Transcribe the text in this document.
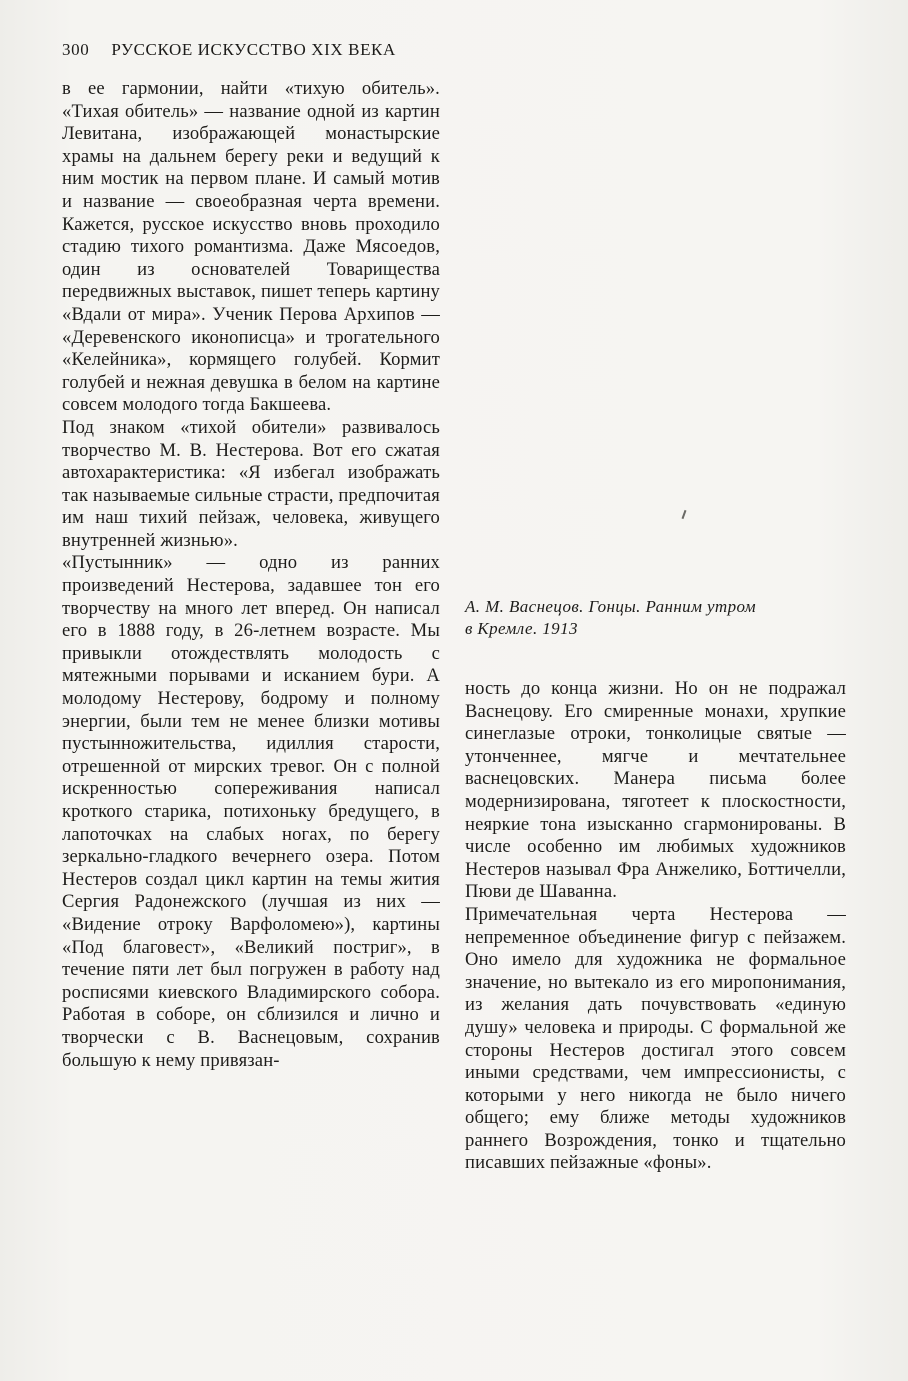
300 РУССКОЕ ИСКУССТВО XIX ВЕКА

в ее гармонии, найти «тихую обитель». «Тихая обитель» — название одной из картин Левитана, изображающей монастырские храмы на дальнем берегу реки и ведущий к ним мостик на первом плане. И самый мотив и название — своеобразная черта времени. Кажется, русское искусство вновь проходило стадию тихого романтизма. Даже Мясоедов, один из основателей Товарищества передвижных выставок, пишет теперь картину «Вдали от мира». Ученик Перова Архипов — «Деревенского иконописца» и трогательного «Келейника», кормящего голубей. Кормит голубей и нежная девушка в белом на картине совсем молодого тогда Бакшеева.

Под знаком «тихой обители» развивалось творчество М. В. Нестерова. Вот его сжатая автохарактеристика: «Я избегал изображать так называемые сильные страсти, предпочитая им наш тихий пейзаж, человека, живущего внутренней жизнью».

«Пустынник» — одно из ранних произведений Нестерова, задавшее тон его творчеству на много лет вперед. Он написал его в 1888 году, в 26-летнем возрасте. Мы привыкли отождествлять молодость с мятежными порывами и исканием бури. А молодому Нестерову, бодрому и полному энергии, были тем не менее близки мотивы пустынножительства, идиллия старости, отрешенной от мирских тревог. Он с полной искренностью сопереживания написал кроткого старика, потихоньку бредущего, в лапоточках на слабых ногах, по берегу зеркально-гладкого вечернего озера. Потом Нестеров создал цикл картин на темы жития Сергия Радонежского (лучшая из них — «Видение отроку Варфоломею»), картины «Под благовест», «Великий постриг», в течение пяти лет был погружен в работу над росписями киевского Владимирского собора. Работая в соборе, он сблизился и лично и творчески с В. Васнецовым, сохранив большую к нему привязан-

А. М. Васнецов. Гонцы. Ранним утром
в Кремле. 1913

ность до конца жизни. Но он не подражал Васнецову. Его смиренные монахи, хрупкие синеглазые отроки, тонколицые святые — утонченнее, мягче и мечтательнее васнецовских. Манера письма более модернизирована, тяготеет к плоскостности, неяркие тона изысканно сгармонированы. В числе особенно им любимых художников Нестеров называл Фра Анжелико, Боттичелли, Пюви де Шаванна.

Примечательная черта Нестерова — непременное объединение фигур с пейзажем. Оно имело для художника не формальное значение, но вытекало из его миропонимания, из желания дать почувствовать «единую душу» человека и природы. С формальной же стороны Нестеров достигал этого совсем иными средствами, чем импрессионисты, с которыми у него никогда не было ничего общего; ему ближе методы художников раннего Возрождения, тонко и тщательно писавших пейзажные «фоны».
